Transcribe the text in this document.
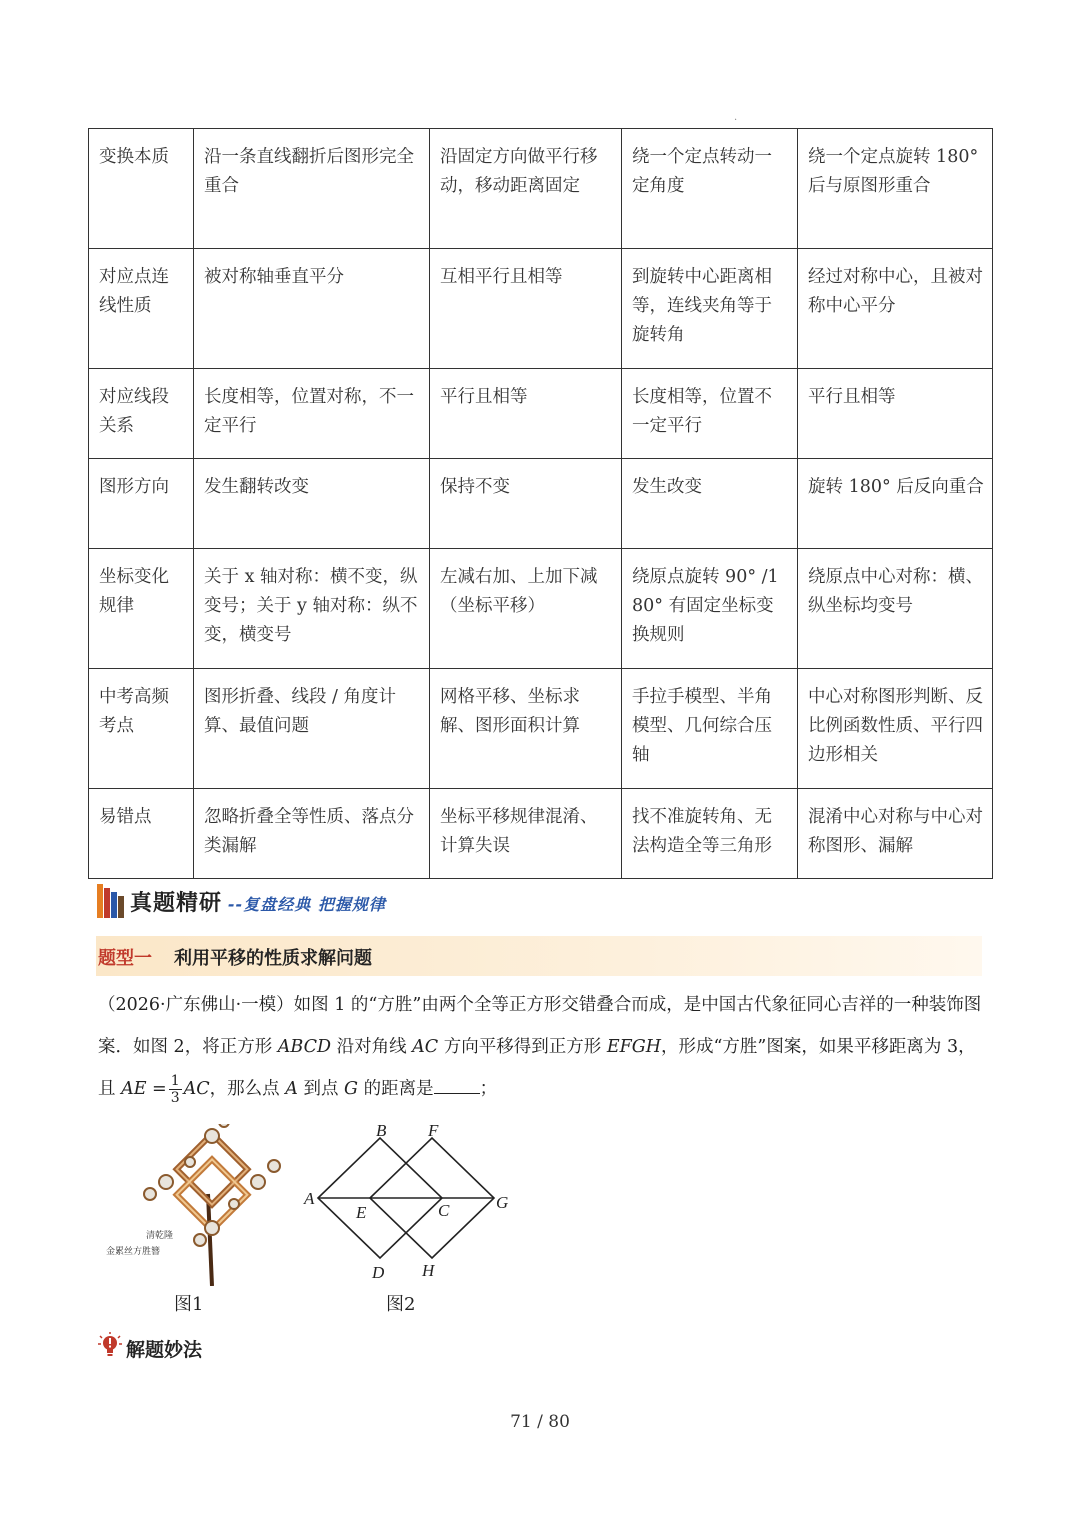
.
变换本质	沿一条直线翻折后图形完全重合	沿固定方向做平行移动，移动距离固定	绕一个定点转动一定角度	绕一个定点旋转 180° 后与原图形重合
对应点连线性质	被对称轴垂直平分	互相平行且相等	到旋转中心距离相等，连线夹角等于旋转角	经过对称中心，且被对称中心平分
对应线段关系	长度相等，位置对称，不一定平行	平行且相等	长度相等，位置不一定平行	平行且相等
图形方向	发生翻转改变	保持不变	发生改变	旋转 180° 后反向重合
坐标变化规律	关于 x 轴对称：横不变，纵变号；关于 y 轴对称：纵不变，横变号	左减右加、上加下减（坐标平移）	绕原点旋转 90° /180° 有固定坐标变换规则	绕原点中心对称：横、纵坐标均变号
中考高频考点	图形折叠、线段 / 角度计算、最值问题	网格平移、坐标求解、图形面积计算	手拉手模型、半角模型、几何综合压轴	中心对称图形判断、反比例函数性质、平行四边形相关
易错点	忽略折叠全等性质、落点分类漏解	坐标平移规律混淆、计算失误	找不准旋转角、无法构造全等三角形	混淆中心对称与中心对称图形、漏解
真题精研 --复盘经典 把握规律
题型一 利用平移的性质求解问题
（2026·广东佛山·一模）如图 1 的“方胜”由两个全等正方形交错叠合而成，是中国古代象征同心吉祥的一种装饰图案．如图 2，将正方形 ABCD 沿对角线 AC 方向平移得到正方形 EFGH，形成“方胜”图案，如果平移距离为 3，且 AE = $\frac{1}{3}$ AC，那么点 A 到点 G 的距离是	；
清乾隆
金累丝方胜簪
图1
B F
A
E	C	G
D H
图2
解题妙法
71 / 80
